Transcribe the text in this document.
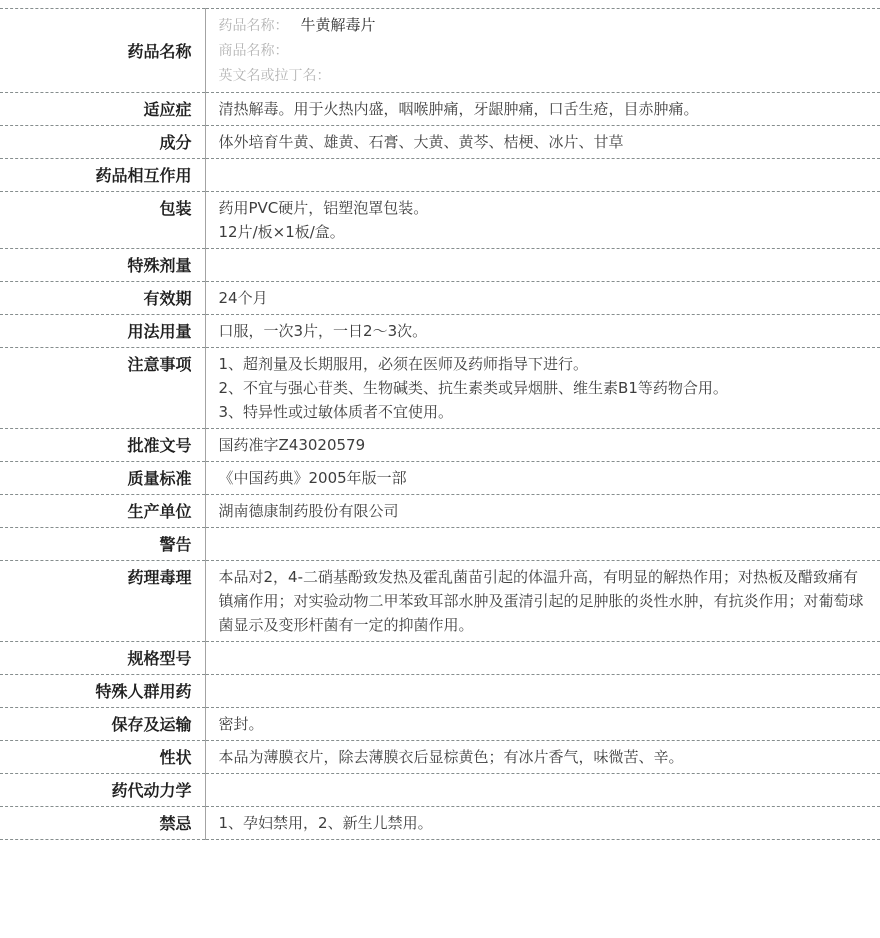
药品名称	药品名称： 牛黄解毒片
商品名称：
英文名或拉丁名：

适应症	清热解毒。用于火热内盛，咽喉肿痛，牙龈肿痛，口舌生疮，目赤肿痛。

成分	体外培育牛黄、雄黄、石膏、大黄、黄芩、桔梗、冰片、甘草

药品相互作用	
包装	药用PVC硬片，铝塑泡罩包装。
12片/板×1板/盒。

特殊剂量	
有效期	24个月

用法用量	口服，一次3片，一日2～3次。

注意事项	1、超剂量及长期服用，必须在医师及药师指导下进行。
2、不宜与强心苷类、生物碱类、抗生素类或异烟肼、维生素B1等药物合用。
3、特异性或过敏体质者不宜使用。

批准文号	国药准字Z43020579

质量标准	《中国药典》2005年版一部

生产单位	湖南德康制药股份有限公司

警告	
药理毒理	本品对2，4-二硝基酚致发热及霍乱菌苗引起的体温升高，有明显的解热作用；对热板及醋致痛有镇痛作用；对实验动物二甲苯致耳部水肿及蛋清引起的足肿胀的炎性水肿，有抗炎作用；对葡萄球菌显示及变形杆菌有一定的抑菌作用。

规格型号	
特殊人群用药	
保存及运输	密封。

性状	本品为薄膜衣片，除去薄膜衣后显棕黄色；有冰片香气，味微苦、辛。

药代动力学	
禁忌	1、孕妇禁用，2、新生儿禁用。
